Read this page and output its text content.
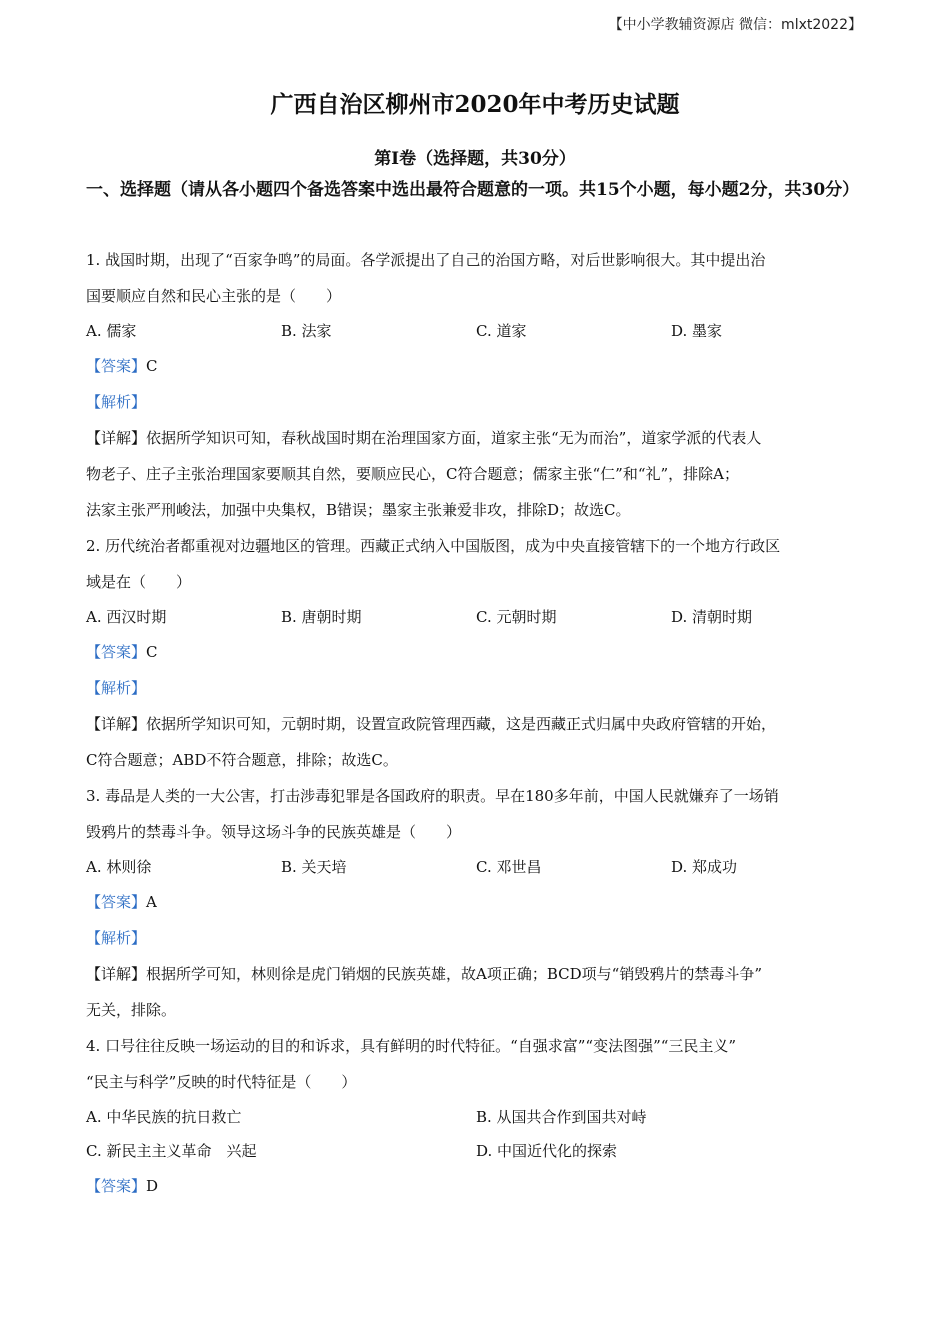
【中小学教辅资源店 微信：mlxt2022】
广西自治区柳州市2020年中考历史试题
第Ⅰ卷（选择题，共30分）
一、选择题（请从各小题四个备选答案中选出最符合题意的一项。共15个小题，每小题2分，共30分）
1. 战国时期，出现了“百家争鸣”的局面。各学派提出了自己的治国方略，对后世影响很大。其中提出治
国要顺应自然和民心主张的是（　　）
A. 儒家	B. 法家	C. 道家	D. 墨家
【答案】C
【解析】
【详解】依据所学知识可知，春秋战国时期在治理国家方面，道家主张“无为而治”，道家学派的代表人
物老子、庄子主张治理国家要顺其自然，要顺应民心，C符合题意；儒家主张“仁”和“礼”，排除A；
法家主张严刑峻法，加强中央集权，B错误；墨家主张兼爱非攻，排除D；故选C。
2. 历代统治者都重视对边疆地区的管理。西藏正式纳入中国版图，成为中央直接管辖下的一个地方行政区
域是在（　　）
A. 西汉时期	B. 唐朝时期	C. 元朝时期	D. 清朝时期
【答案】C
【解析】
【详解】依据所学知识可知，元朝时期，设置宣政院管理西藏，这是西藏正式归属中央政府管辖的开始，
C符合题意；ABD不符合题意，排除；故选C。
3. 毒品是人类的一大公害，打击涉毒犯罪是各国政府的职责。早在180多年前，中国人民就嫌弃了一场销
毁鸦片的禁毒斗争。领导这场斗争的民族英雄是（　　）
A. 林则徐	B. 关天培	C. 邓世昌	D. 郑成功
【答案】A
【解析】
【详解】根据所学可知，林则徐是虎门销烟的民族英雄，故A项正确；BCD项与“销毁鸦片的禁毒斗争”
无关，排除。
4. 口号往往反映一场运动的目的和诉求，具有鲜明的时代特征。“自强求富”“变法图强”“三民主义”
“民主与科学”反映的时代特征是（　　）
A. 中华民族的抗日救亡	B. 从国共合作到国共对峙
C. 新民主主义革命　兴起	D. 中国近代化的探索
【答案】D
